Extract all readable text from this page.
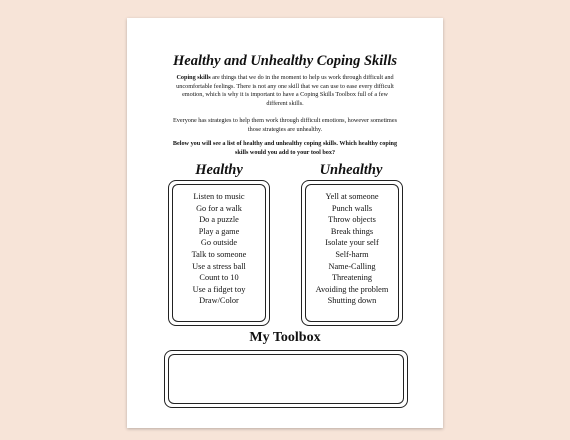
Healthy and Unhealthy Coping Skills

Coping skills are things that we do in the moment to help us work through difficult and uncomfortable feelings. There is not any one skill that we can use to ease every difficult emotion, which is why it is important to have a Coping Skills Toolbox full of a few different skills.

Everyone has strategies to help them work through difficult emotions, however sometimes those strategies are unhealthy.

Below you will see a list of healthy and unhealthy coping skills. Which healthy coping skills would you add to your tool box?

Healthy	Unhealthy
Listen to music
Go for a walk
Do a puzzle
Play a game
Go outside
Talk to someone
Use a stress ball
Count to 10
Use a fidget toy
Draw/Color
Yell at someone
Punch walls
Throw objects
Break things
Isolate your self
Self-harm
Name-Calling
Threatening
Avoiding the problem
Shutting down
My Toolbox
